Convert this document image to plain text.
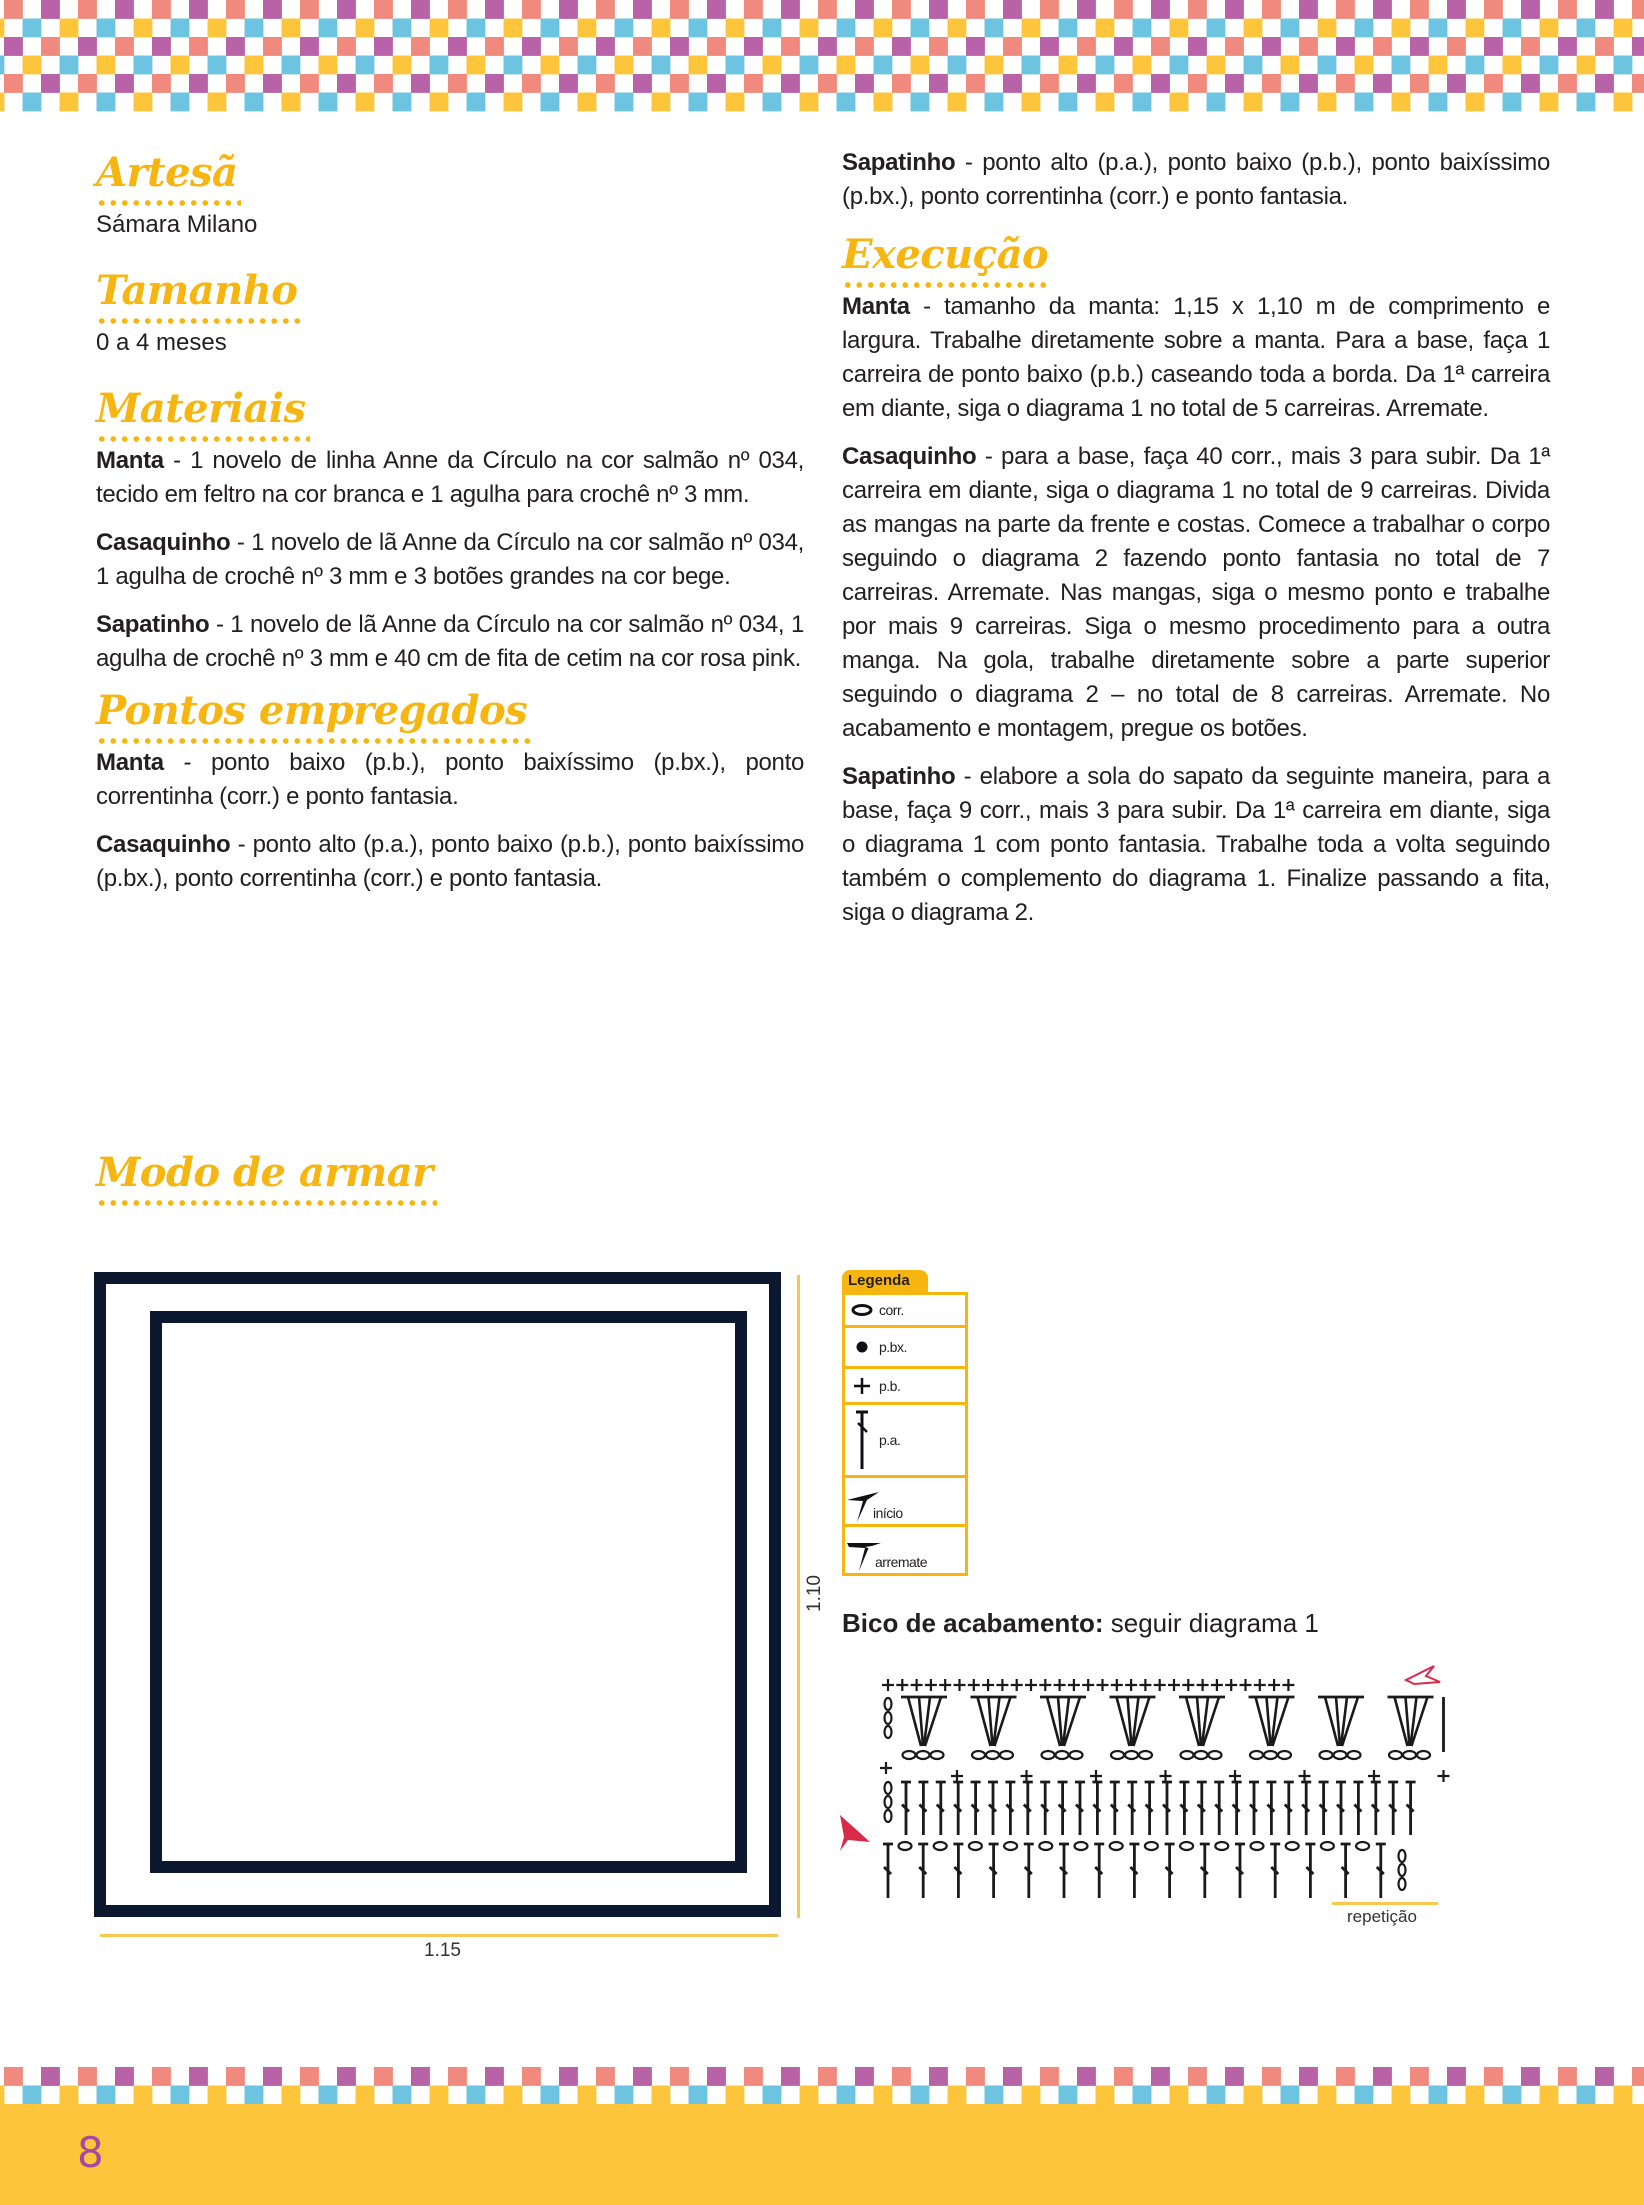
Artesã

Sámara Milano

Tamanho

0 a 4 meses

Materiais

Manta - 1 novelo de linha Anne da Círculo na cor salmão nº 034, tecido em feltro na cor branca e 1 agulha para crochê nº 3 mm.

Casaquinho - 1 novelo de lã Anne da Círculo na cor salmão nº 034, 1 agulha de crochê nº 3 mm e 3 botões grandes na cor bege.

Sapatinho - 1 novelo de lã Anne da Círculo na cor salmão nº 034, 1 agulha de crochê nº 3 mm e 40 cm de fita de cetim na cor rosa pink.

Pontos empregados

Manta - ponto baixo (p.b.), ponto baixíssimo (p.bx.), ponto correntinha (corr.) e ponto fantasia.

Casaquinho - ponto alto (p.a.), ponto baixo (p.b.), ponto baixíssimo (p.bx.), ponto correntinha (corr.) e ponto fantasia.

Sapatinho - ponto alto (p.a.), ponto baixo (p.b.), ponto baixíssimo (p.bx.), ponto correntinha (corr.) e ponto fantasia.

Execução

Manta - tamanho da manta: 1,15 x 1,10 m de comprimento e largura. Trabalhe diretamente sobre a manta. Para a base, faça 1 carreira de ponto baixo (p.b.) caseando toda a borda. Da 1ª carreira em diante, siga o diagrama 1 no total de 5 carreiras. Arremate.

Casaquinho - para a base, faça 40 corr., mais 3 para subir. Da 1ª carreira em diante, siga o diagrama 1 no total de 9 carreiras. Divida as mangas na parte da frente e costas. Comece a trabalhar o corpo seguindo o diagrama 2 fazendo ponto fantasia no total de 7 carreiras. Arremate. Nas mangas, siga o mesmo ponto e trabalhe por mais 9 carreiras. Siga o mesmo procedimento para a outra manga. Na gola, trabalhe diretamente sobre a parte superior seguindo o diagrama 2 – no total de 8 carreiras. Arremate. No acabamento e montagem, pregue os botões.

Sapatinho - elabore a sola do sapato da seguinte maneira, para a base, faça 9 corr., mais 3 para subir. Da 1ª carreira em diante, siga o diagrama 1 com ponto fantasia. Trabalhe toda a volta seguindo também o complemento do diagrama 1. Finalize passando a fita, siga o diagrama 2.

Modo de armar
1.15
1.10
Legenda
corr.
p.bx.
p.b.
p.a.
início
arremate
Bico de acabamento: seguir diagrama 1
repetição
8
